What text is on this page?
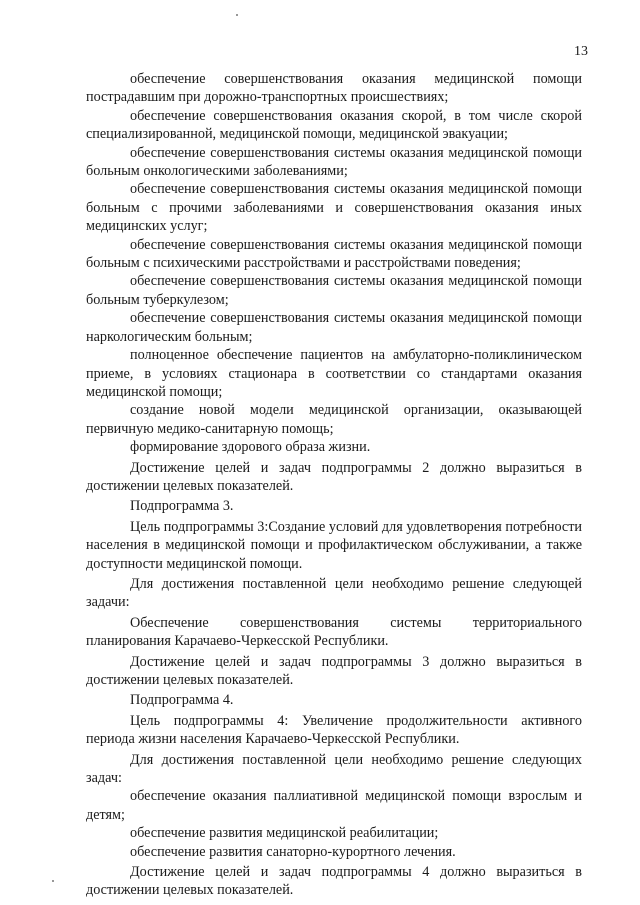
13

обеспечение совершенствования оказания медицинской помощи пострадавшим при дорожно-транспортных происшествиях;

обеспечение совершенствования оказания скорой, в том числе скорой специализированной, медицинской помощи, медицинской эвакуации;

обеспечение совершенствования системы оказания медицинской помощи больным онкологическими заболеваниями;

обеспечение совершенствования системы оказания медицинской помощи больным с прочими заболеваниями и совершенствования оказания иных медицинских услуг;

обеспечение совершенствования системы оказания медицинской помощи больным с психическими расстройствами и расстройствами поведения;

обеспечение совершенствования системы оказания медицинской помощи больным туберкулезом;

обеспечение совершенствования системы оказания медицинской помощи наркологическим больным;

полноценное обеспечение пациентов на амбулаторно-поликлиническом приеме, в условиях стационара в соответствии со стандартами оказания медицинской помощи;

создание новой модели медицинской организации, оказывающей первичную медико-санитарную помощь;

формирование здорового образа жизни.

Достижение целей и задач подпрограммы 2 должно выразиться в достижении целевых показателей.

Подпрограмма 3.

Цель подпрограммы 3:Создание условий для удовлетворения потребности населения в медицинской помощи и профилактическом обслуживании, а также доступности медицинской помощи.

Для достижения поставленной цели необходимо решение следующей задачи:

Обеспечение совершенствования системы территориального планирования Карачаево-Черкесской Республики.

Достижение целей и задач подпрограммы 3 должно выразиться в достижении целевых показателей.

Подпрограмма 4.

Цель подпрограммы 4: Увеличение продолжительности активного периода жизни населения Карачаево-Черкесской Республики.

Для достижения поставленной цели необходимо решение следующих задач:

обеспечение оказания паллиативной медицинской помощи взрослым и детям;

обеспечение развития медицинской реабилитации;

обеспечение развития санаторно-курортного лечения.

Достижение целей и задач подпрограммы 4 должно выразиться в достижении целевых показателей.
